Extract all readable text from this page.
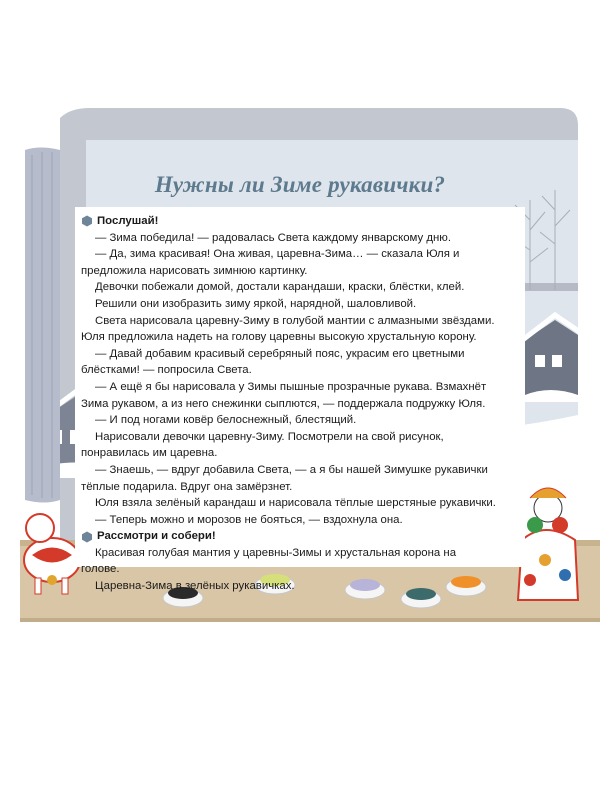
Нужны ли Зиме рукавички?
Послушай!
— Зима победила! — радовалась Света каждому январскому дню.
— Да, зима красивая! Она живая, царевна-Зима… — сказала Юля и
предложила нарисовать зимнюю картинку.
Девочки побежали домой, достали карандаши, краски, блёстки, клей.
Решили они изобразить зиму яркой, нарядной, шаловливой.
Света нарисовала царевну-Зиму в голубой мантии с алмазными звёздами.
Юля предложила надеть на голову царевны высокую хрустальную корону.
— Давай добавим красивый серебряный пояс, украсим его цветными
блёстками! — попросила Света.
— А ещё я бы нарисовала у Зимы пышные прозрачные рукава. Взмахнёт
Зима рукавом, а из него снежинки сыплются, — поддержала подружку Юля.
— И под ногами ковёр белоснежный, блестящий.
Нарисовали девочки царевну-Зиму. Посмотрели на свой рисунок,
понравилась им царевна.
— Знаешь, — вдруг добавила Света, — а я бы нашей Зимушке рукавички
тёплые подарила. Вдруг она замёрзнет.
Юля взяла зелёный карандаш и нарисовала тёплые шерстяные рукавички.
— Теперь можно и морозов не бояться, — вздохнула она.
Рассмотри и собери!
Красивая голубая мантия у царевны-Зимы и хрустальная корона на
голове.
Царевна-Зима в зелёных рукавичках.
